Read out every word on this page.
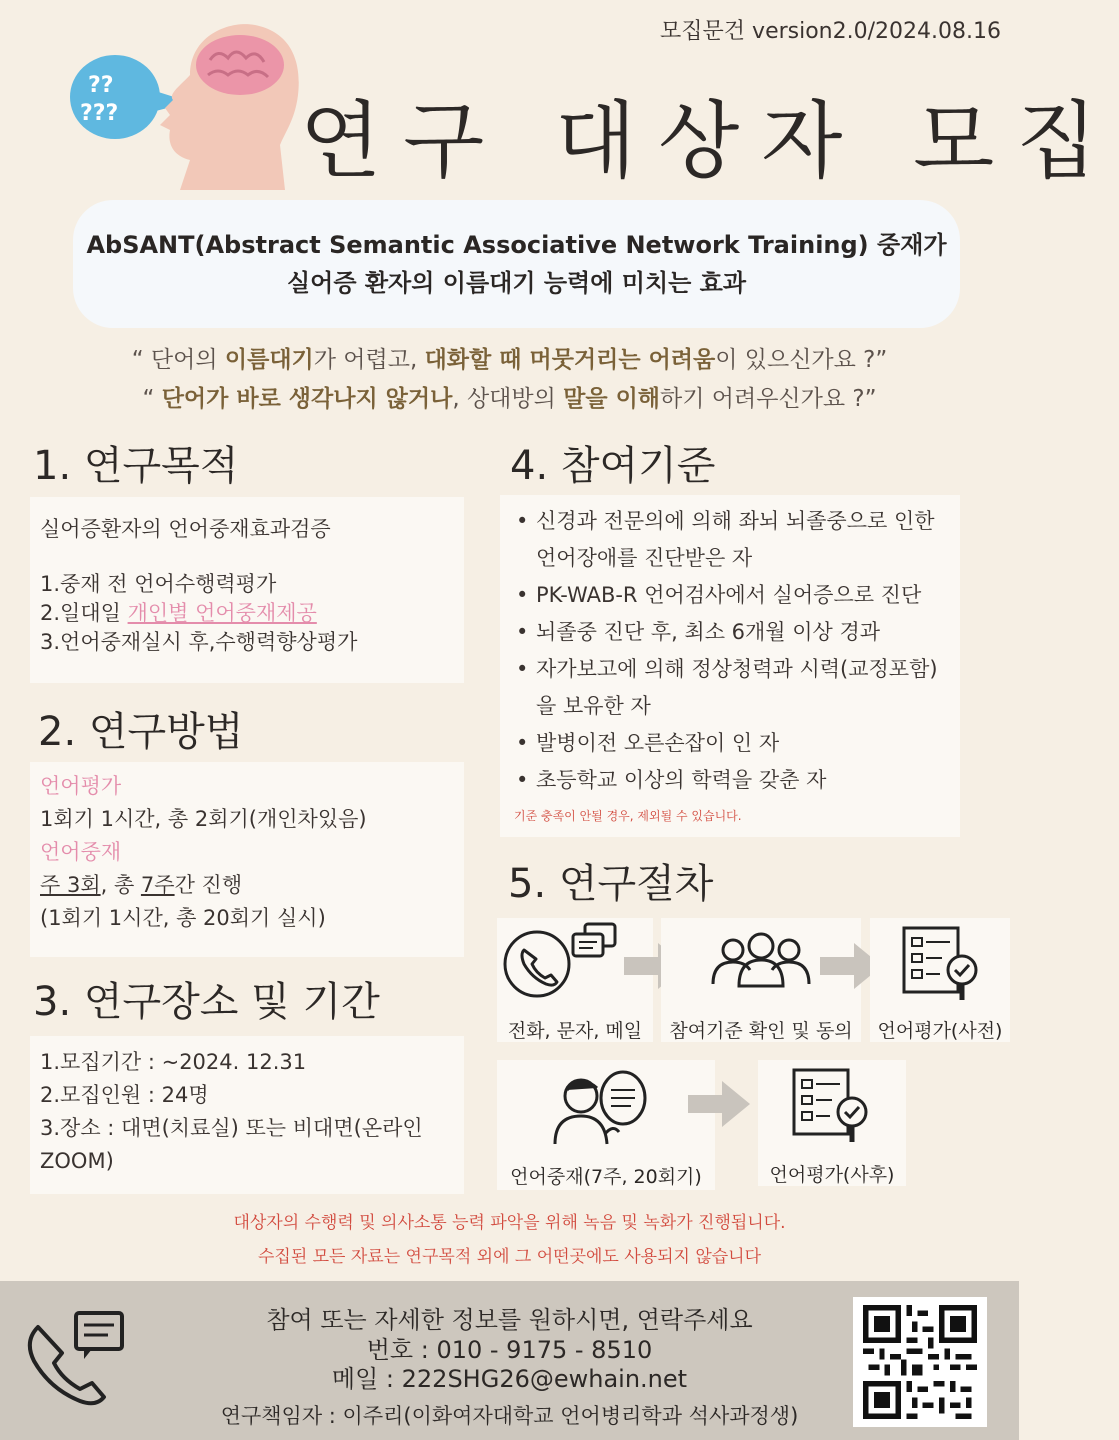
모집문건 version2.0/2024.08.16
??
??? 연구 대상자 모집
AbSANT(Abstract Semantic Associative Network Training) 중재가
실어증 환자의 이름대기 능력에 미치는 효과
“ 단어의 이름대기가 어렵고, 대화할 때 머뭇거리는 어려움이 있으신가요 ?”
“ 단어가 바로 생각나지 않거나, 상대방의 말을 이해하기 어려우신가요 ?”
1. 연구목적
실어증환자의 언어중재효과검증
1.중재 전 언어수행력평가
2.일대일 개인별 언어중재제공
3.언어중재실시 후,수행력향상평가
2. 연구방법
언어평가
1회기 1시간, 총 2회기(개인차있음)
언어중재
주 3회, 총 7주간 진행
(1회기 1시간, 총 20회기 실시)
3. 연구장소 및 기간
1.모집기간 : ~2024. 12.31
2.모집인원 : 24명
3.장소 : 대면(치료실) 또는 비대면(온라인 ZOOM)
4. 참여기준
• 신경과 전문의에 의해 좌뇌 뇌졸중으로 인한 언어장애를 진단받은 자
• PK-WAB-R 언어검사에서 실어증으로 진단
• 뇌졸중 진단 후, 최소 6개월 이상 경과
• 자가보고에 의해 정상청력과 시력(교정포함)을 보유한 자
• 발병이전 오른손잡이 인 자
• 초등학교 이상의 학력을 갖춘 자
기준 충족이 안될 경우, 제외될 수 있습니다.
5. 연구절차
전화, 문자, 메일	참여기준 확인 및 동의	언어평가(사전)
언어중재(7주, 20회기)	언어평가(사후)
대상자의 수행력 및 의사소통 능력 파악을 위해 녹음 및 녹화가 진행됩니다.
수집된 모든 자료는 연구목적 외에 그 어떤곳에도 사용되지 않습니다
참여 또는 자세한 정보를 원하시면, 연락주세요
번호 : 010 - 9175 - 8510
메일 : 222SHG26@ewhain.net
연구책임자 : 이주리(이화여자대학교 언어병리학과 석사과정생)
